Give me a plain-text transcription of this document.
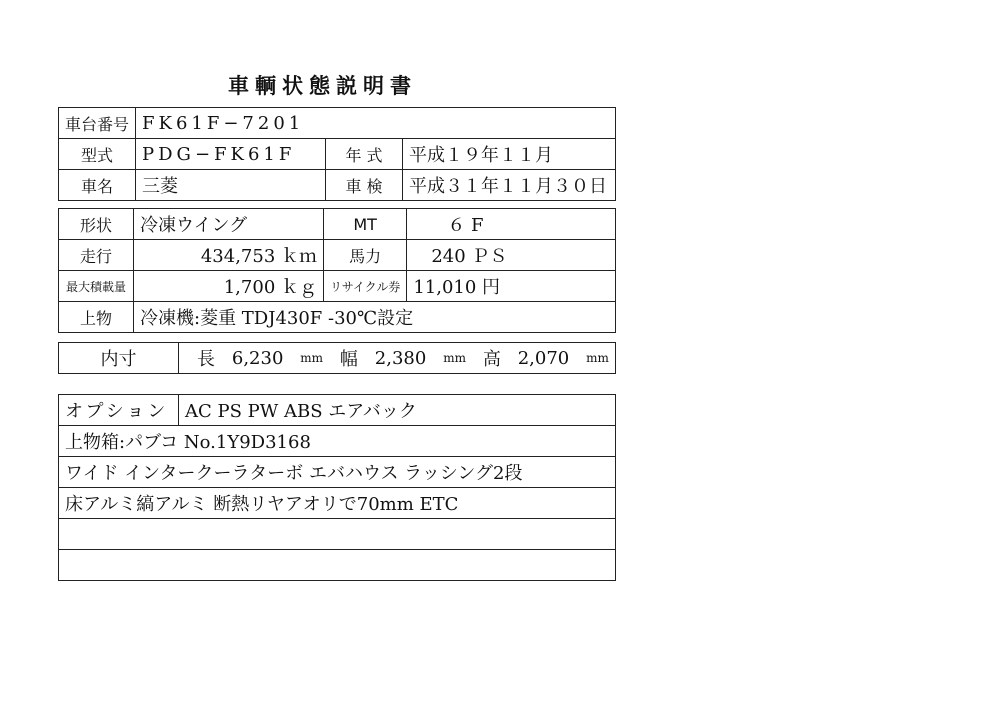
車輌状態説明書
車台番号	FK61F−7201		
型式	PDG−FK61F	年 式	平成１９年１１月
車名	三菱	車 検	平成３１年１１月３０日
形状	冷凍ウイング	MT	６ F
走行	434,753 ｋｍ	馬力	240 ＰＳ
最大積載量	1,700 ｋｇ	リサイクル券	11,010 円
上物	冷凍機:菱重 TDJ430F -30℃設定		
内寸	長 6,230 mm 幅 2,380 mm 高 2,070 mm
オプション	AC PS PW ABS エアバック
上物箱:パブコ No.1Y9D3168
ワイド インタークーラターボ エバハウス ラッシング2段
床アルミ縞アルミ 断熱リヤアオリで70mm ETC
